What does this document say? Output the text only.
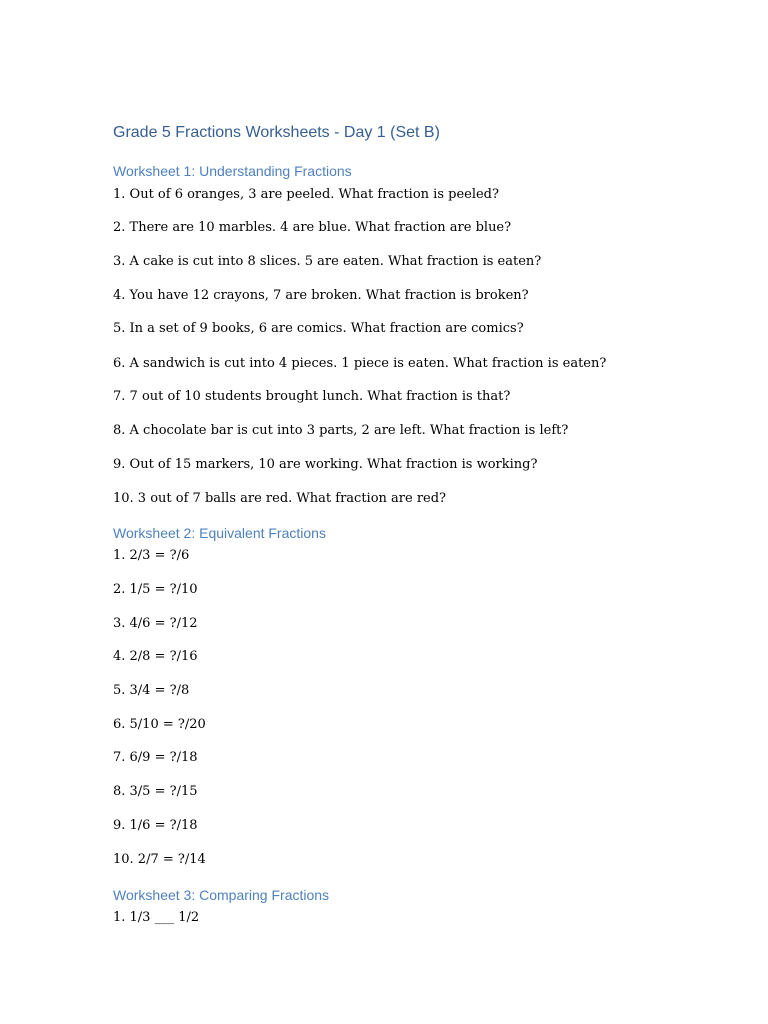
Grade 5 Fractions Worksheets - Day 1 (Set B)
Worksheet 1: Understanding Fractions

1. Out of 6 oranges, 3 are peeled. What fraction is peeled?

2. There are 10 marbles. 4 are blue. What fraction are blue?

3. A cake is cut into 8 slices. 5 are eaten. What fraction is eaten?

4. You have 12 crayons, 7 are broken. What fraction is broken?

5. In a set of 9 books, 6 are comics. What fraction are comics?

6. A sandwich is cut into 4 pieces. 1 piece is eaten. What fraction is eaten?

7. 7 out of 10 students brought lunch. What fraction is that?

8. A chocolate bar is cut into 3 parts, 2 are left. What fraction is left?

9. Out of 15 markers, 10 are working. What fraction is working?

10. 3 out of 7 balls are red. What fraction are red?

Worksheet 2: Equivalent Fractions

1. 2/3 = ?/6

2. 1/5 = ?/10

3. 4/6 = ?/12

4. 2/8 = ?/16

5. 3/4 = ?/8

6. 5/10 = ?/20

7. 6/9 = ?/18

8. 3/5 = ?/15

9. 1/6 = ?/18

10. 2/7 = ?/14

Worksheet 3: Comparing Fractions

1. 1/3 ___ 1/2
